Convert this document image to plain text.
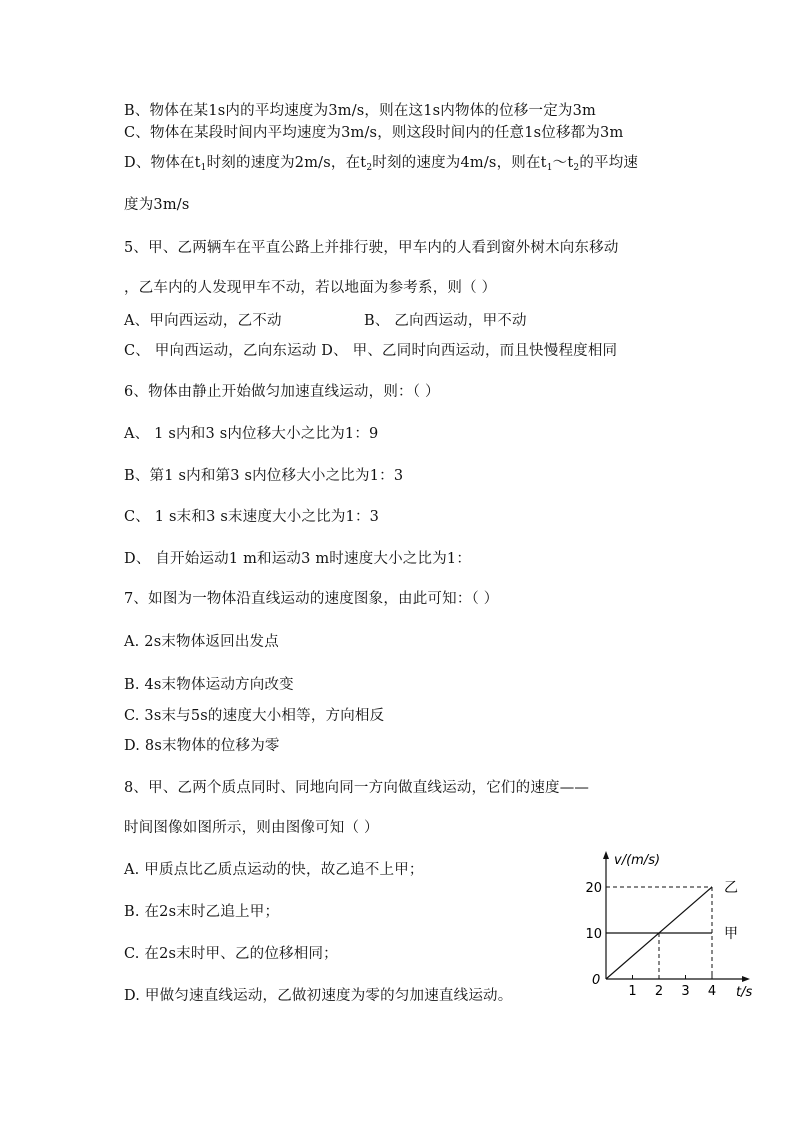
B、物体在某1s内的平均速度为3m/s，则在这1s内物体的位移一定为3m
C、物体在某段时间内平均速度为3m/s，则这段时间内的任意1s位移都为3m
D、物体在$t_1$时刻的速度为2m/s，在$t_2$时刻的速度为4m/s，则在$t_1\sim t_2$的平均速
度为3m/s
5、甲、乙两辆车在平直公路上并排行驶，甲车内的人看到窗外树木向东移动
，乙车内的人发现甲车不动，若以地面为参考系，则（ ）
A、甲向西运动，乙不动	B、 乙向西运动，甲不动
C、 甲向西运动，乙向东运动 D、 甲、乙同时向西运动，而且快慢程度相同
6、物体由静止开始做匀加速直线运动，则：（ ）
A、 1 s内和3 s内位移大小之比为1：9
B、第1 s内和第3 s内位移大小之比为1：3
C、 1 s末和3 s末速度大小之比为1：3
D、 自开始运动1 m和运动3 m时速度大小之比为1：
7、如图为一物体沿直线运动的速度图象，由此可知：（ ）
A. 2s末物体返回出发点
B. 4s末物体运动方向改变
C. 3s末与5s的速度大小相等，方向相反
D. 8s末物体的位移为零
8、甲、乙两个质点同时、同地向同一方向做直线运动，它们的速度——
时间图像如图所示，则由图像可知（ ）
A. 甲质点比乙质点运动的快，故乙追不上甲；
B. 在2s末时乙追上甲；
C. 在2s末时甲、乙的位移相同；
D. 甲做匀速直线运动，乙做初速度为零的匀加速直线运动。
v/(m/s)
t/s
0
1 2 3 4
10
20
甲
乙
